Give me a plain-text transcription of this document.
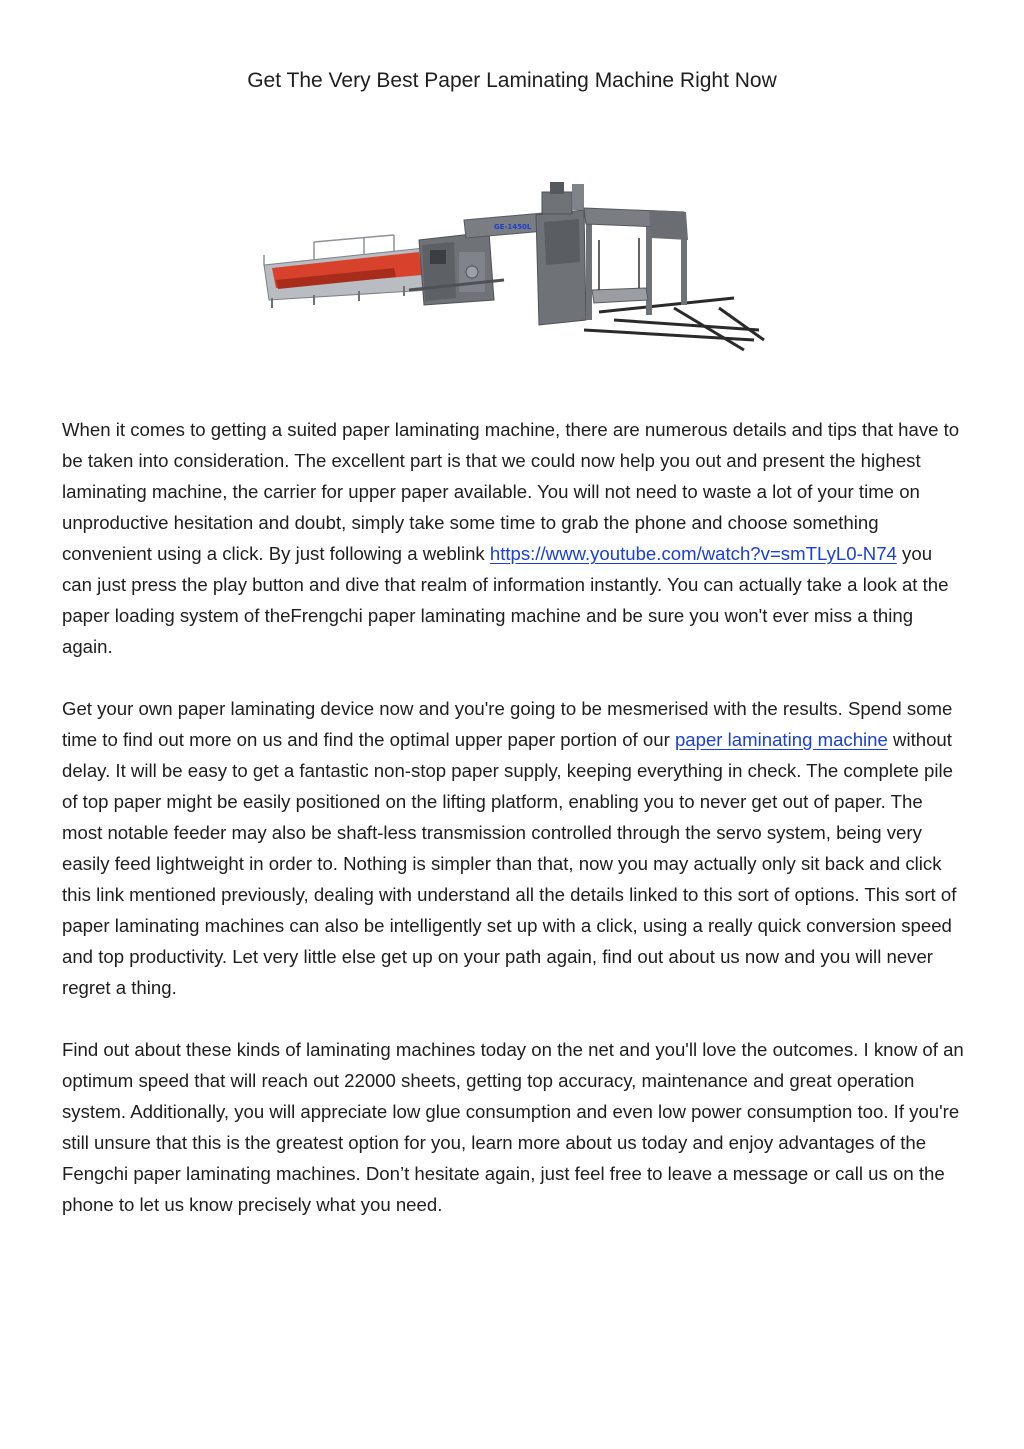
Get The Very Best Paper Laminating Machine Right Now
GE-1450L

When it comes to getting a suited paper laminating machine, there are numerous details and tips that have to be taken into consideration. The excellent part is that we could now help you out and present the highest laminating machine, the carrier for upper paper available. You will not need to waste a lot of your time on unproductive hesitation and doubt, simply take some time to grab the phone and choose something convenient using a click. By just following a weblink https://www.youtube.com/watch?v=smTLyL0-N74 you can just press the play button and dive that realm of information instantly. You can actually take a look at the paper loading system of theFrengchi paper laminating machine and be sure you won't ever miss a thing again.

Get your own paper laminating device now and you're going to be mesmerised with the results. Spend some time to find out more on us and find the optimal upper paper portion of our paper laminating machine without delay. It will be easy to get a fantastic non-stop paper supply, keeping everything in check. The complete pile of top paper might be easily positioned on the lifting platform, enabling you to never get out of paper. The most notable feeder may also be shaft-less transmission controlled through the servo system, being very easily feed lightweight in order to. Nothing is simpler than that, now you may actually only sit back and click this link mentioned previously, dealing with understand all the details linked to this sort of options. This sort of paper laminating machines can also be intelligently set up with a click, using a really quick conversion speed and top productivity. Let very little else get up on your path again, find out about us now and you will never regret a thing.

Find out about these kinds of laminating machines today on the net and you'll love the outcomes. I know of an optimum speed that will reach out 22000 sheets, getting top accuracy, maintenance and great operation system. Additionally, you will appreciate low glue consumption and even low power consumption too. If you're still unsure that this is the greatest option for you, learn more about us today and enjoy advantages of the Fengchi paper laminating machines. Don’t hesitate again, just feel free to leave a message or call us on the phone to let us know precisely what you need.
